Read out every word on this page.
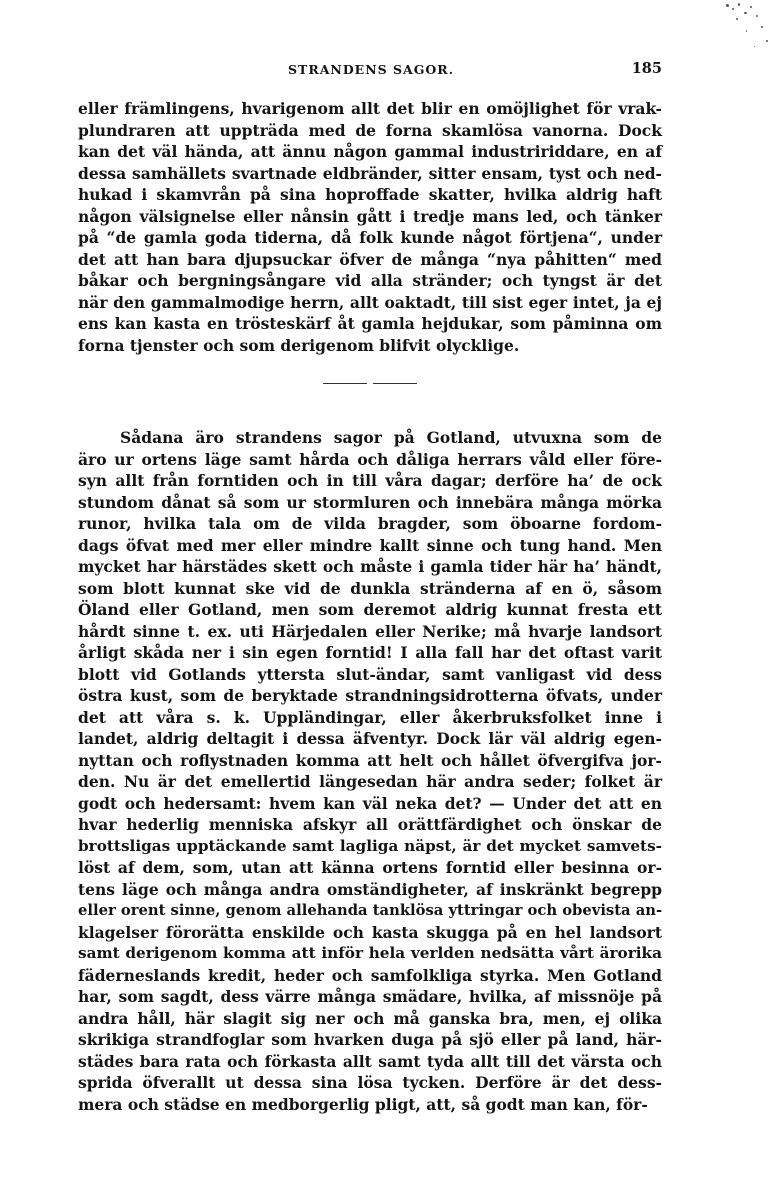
STRANDENS SAGOR.	185
eller främlingens, hvarigenom allt det blir en omöjlighet för vrak-
plundraren att uppträda med de forna skamlösa vanorna. Dock
kan det väl hända, att ännu någon gammal industririddare, en af
dessa samhällets svartnade eldbränder, sitter ensam, tyst och ned-
hukad i skamvrån på sina hoproffade skatter, hvilka aldrig haft
någon välsignelse eller nånsin gått i tredje mans led, och tänker
på “de gamla goda tiderna, då folk kunde något förtjena“, under
det att han bara djupsuckar öfver de många “nya påhitten“ med
båkar och bergningsångare vid alla stränder; och tyngst är det
när den gammalmodige herrn, allt oaktadt, till sist eger intet, ja ej
ens kan kasta en trösteskärf åt gamla hejdukar, som påminna om
forna tjenster och som derigenom blifvit olycklige.
Sådana äro strandens sagor på Gotland, utvuxna som de
äro ur ortens läge samt hårda och dåliga herrars våld eller före-
syn allt från forntiden och in till våra dagar; derföre ha’ de ock
stundom dånat så som ur stormluren och innebära många mörka
runor, hvilka tala om de vilda bragder, som öboarne fordom-
dags öfvat med mer eller mindre kallt sinne och tung hand. Men
mycket har härstädes skett och måste i gamla tider här ha’ händt,
som blott kunnat ske vid de dunkla stränderna af en ö, såsom
Öland eller Gotland, men som deremot aldrig kunnat fresta ett
hårdt sinne t. ex. uti Härjedalen eller Nerike; må hvarje landsort
årligt skåda ner i sin egen forntid! I alla fall har det oftast varit
blott vid Gotlands yttersta slut-ändar, samt vanligast vid dess
östra kust, som de beryktade strandningsidrotterna öfvats, under
det att våra s. k. Uppländingar, eller åkerbruksfolket inne i
landet, aldrig deltagit i dessa äfventyr. Dock lär väl aldrig egen-
nyttan och roflystnaden komma att helt och hållet öfvergifva jor-
den. Nu är det emellertid längesedan här andra seder; folket är
godt och hedersamt: hvem kan väl neka det? — Under det att en
hvar hederlig menniska afskyr all orättfärdighet och önskar de
brottsligas upptäckande samt lagliga näpst, är det mycket samvets-
löst af dem, som, utan att känna ortens forntid eller besinna or-
tens läge och många andra omständigheter, af inskränkt begrepp
eller orent sinne, genom allehanda tanklösa yttringar och obevista an-
klagelser förorätta enskilde och kasta skugga på en hel landsort
samt derigenom komma att inför hela verlden nedsätta vårt ärorika
fäderneslands kredit, heder och samfolkliga styrka. Men Gotland
har, som sagdt, dess värre många smädare, hvilka, af missnöje på
andra håll, här slagit sig ner och må ganska bra, men, ej olika
skrikiga strandfoglar som hvarken duga på sjö eller på land, här-
städes bara rata och förkasta allt samt tyda allt till det värsta och
sprida öfverallt ut dessa sina lösa tycken. Derföre är det dess-
mera och städse en medborgerlig pligt, att, så godt man kan, för-
